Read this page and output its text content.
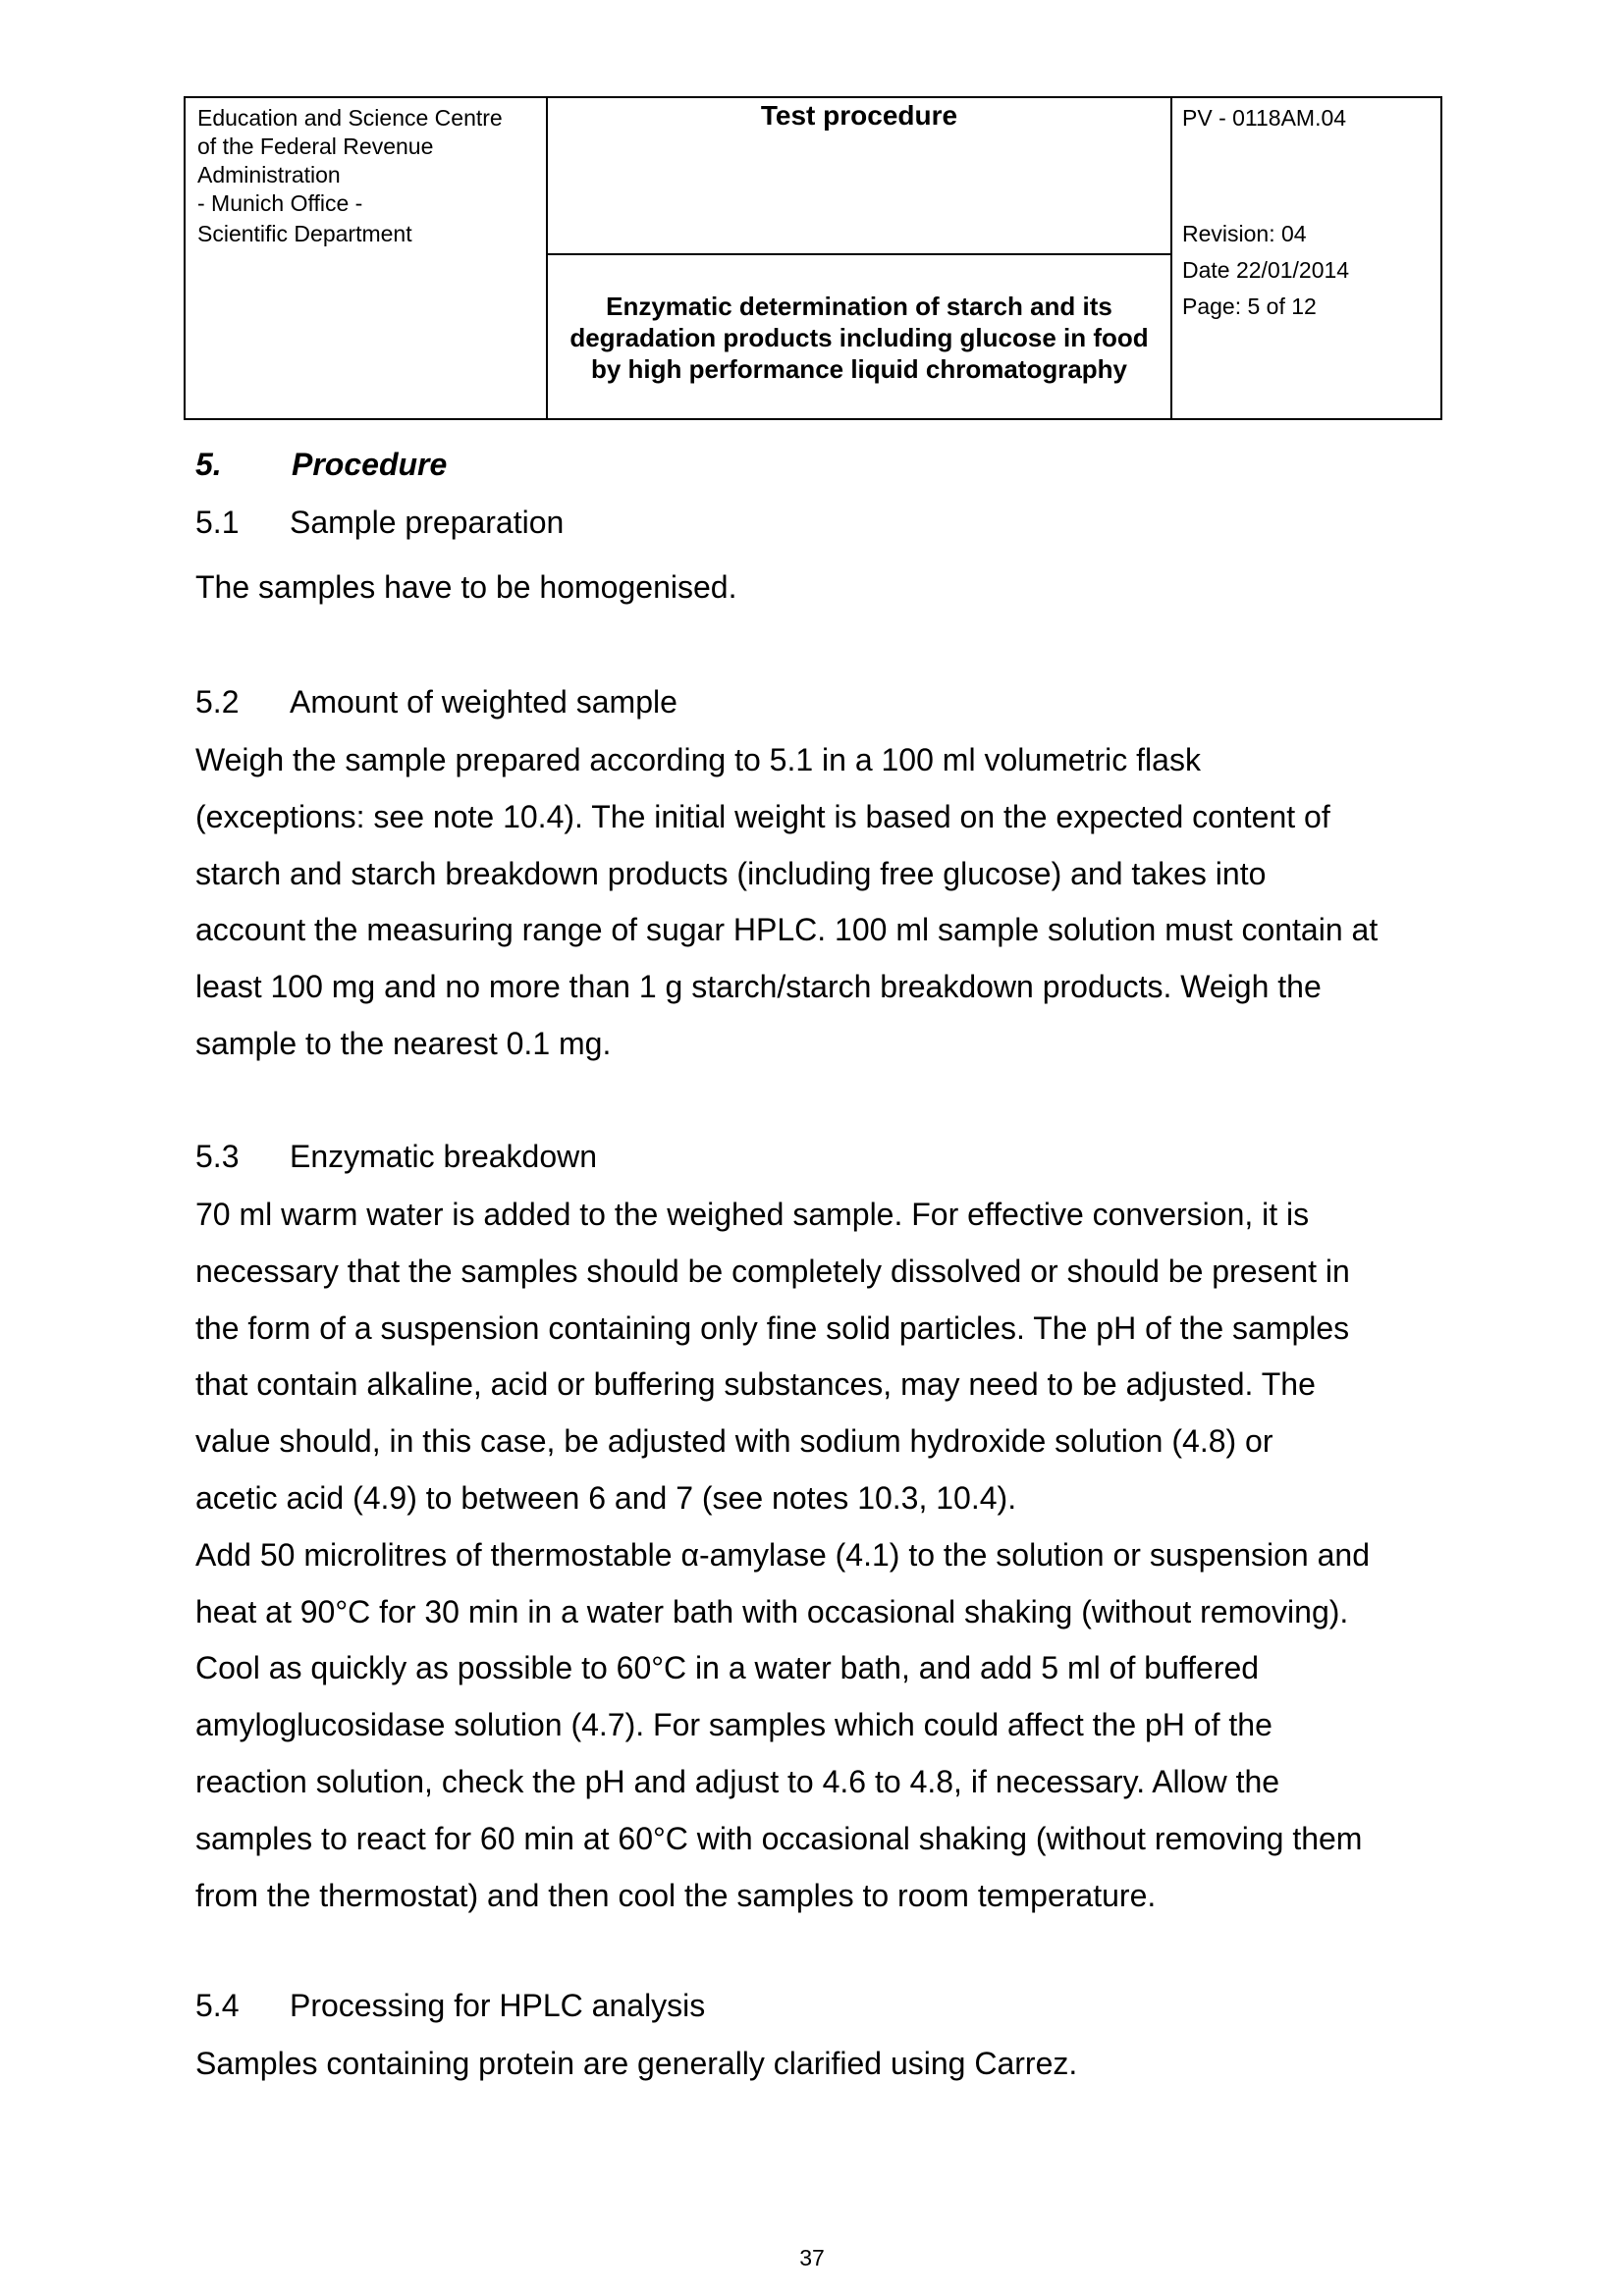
Education and Science Centre
of the Federal Revenue
Administration
- Munich Office -
Scientific Department
Test procedure
Enzymatic determination of starch and its degradation products including glucose in food by high performance liquid chromatography
PV - 0118AM.04
Revision: 04
Date 22/01/2014
Page: 5 of 12
5. Procedure
5.1 Sample preparation
The samples have to be homogenised.
5.2 Amount of weighted sample
Weigh the sample prepared according to 5.1 in a 100 ml volumetric flask
(exceptions: see note 10.4). The initial weight is based on the expected content of
starch and starch breakdown products (including free glucose) and takes into
account the measuring range of sugar HPLC. 100 ml sample solution must contain at
least 100 mg and no more than 1 g starch/starch breakdown products. Weigh the
sample to the nearest 0.1 mg.
5.3 Enzymatic breakdown
70 ml warm water is added to the weighed sample. For effective conversion, it is
necessary that the samples should be completely dissolved or should be present in
the form of a suspension containing only fine solid particles. The pH of the samples
that contain alkaline, acid or buffering substances, may need to be adjusted. The
value should, in this case, be adjusted with sodium hydroxide solution (4.8) or
acetic acid (4.9) to between 6 and 7 (see notes 10.3, 10.4).
Add 50 microlitres of thermostable α-amylase (4.1) to the solution or suspension and
heat at 90°C for 30 min in a water bath with occasional shaking (without removing).
Cool as quickly as possible to 60°C in a water bath, and add 5 ml of buffered
amyloglucosidase solution (4.7). For samples which could affect the pH of the
reaction solution, check the pH and adjust to 4.6 to 4.8, if necessary. Allow the
samples to react for 60 min at 60°C with occasional shaking (without removing them
from the thermostat) and then cool the samples to room temperature.
5.4 Processing for HPLC analysis
Samples containing protein are generally clarified using Carrez.
37
